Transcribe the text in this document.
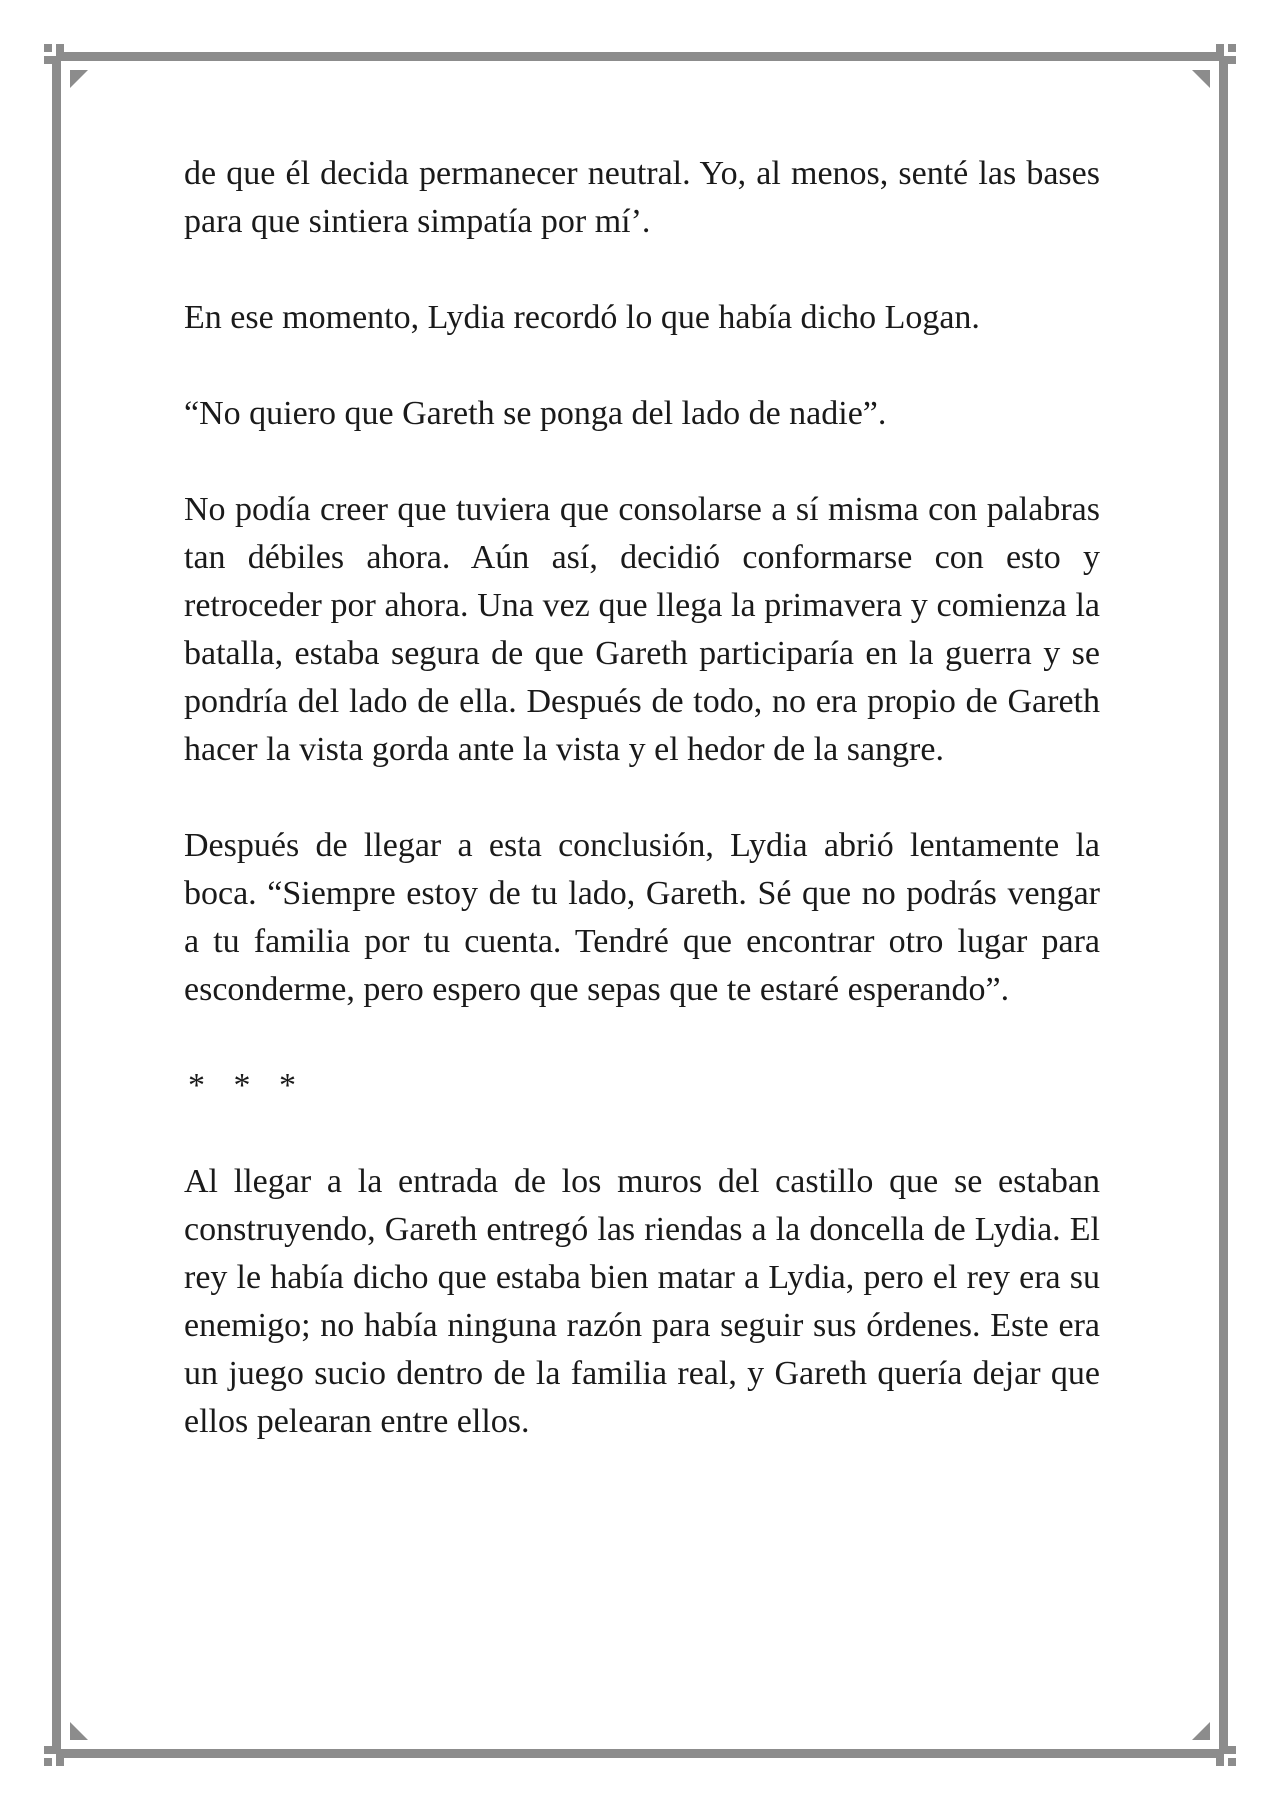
de que él decida permanecer neutral. Yo, al menos, senté las bases para que sintiera simpatía por mí’.

En ese momento, Lydia recordó lo que había dicho Logan.

“No quiero que Gareth se ponga del lado de nadie”.

No podía creer que tuviera que consolarse a sí misma con palabras tan débiles ahora. Aún así, decidió conformarse con esto y retroceder por ahora. Una vez que llega la primavera y comienza la batalla, estaba segura de que Gareth participaría en la guerra y se pondría del lado de ella. Después de todo, no era propio de Gareth hacer la vista gorda ante la vista y el hedor de la sangre.

Después de llegar a esta conclusión, Lydia abrió lentamente la boca. “Siempre estoy de tu lado, Gareth. Sé que no podrás vengar a tu familia por tu cuenta. Tendré que encontrar otro lugar para esconderme, pero espero que sepas que te estaré esperando”.

* * *

Al llegar a la entrada de los muros del castillo que se estaban construyendo, Gareth entregó las riendas a la doncella de Lydia. El rey le había dicho que estaba bien matar a Lydia, pero el rey era su enemigo; no había ninguna razón para seguir sus órdenes. Este era un juego sucio dentro de la familia real, y Gareth quería dejar que ellos pelearan entre ellos.
